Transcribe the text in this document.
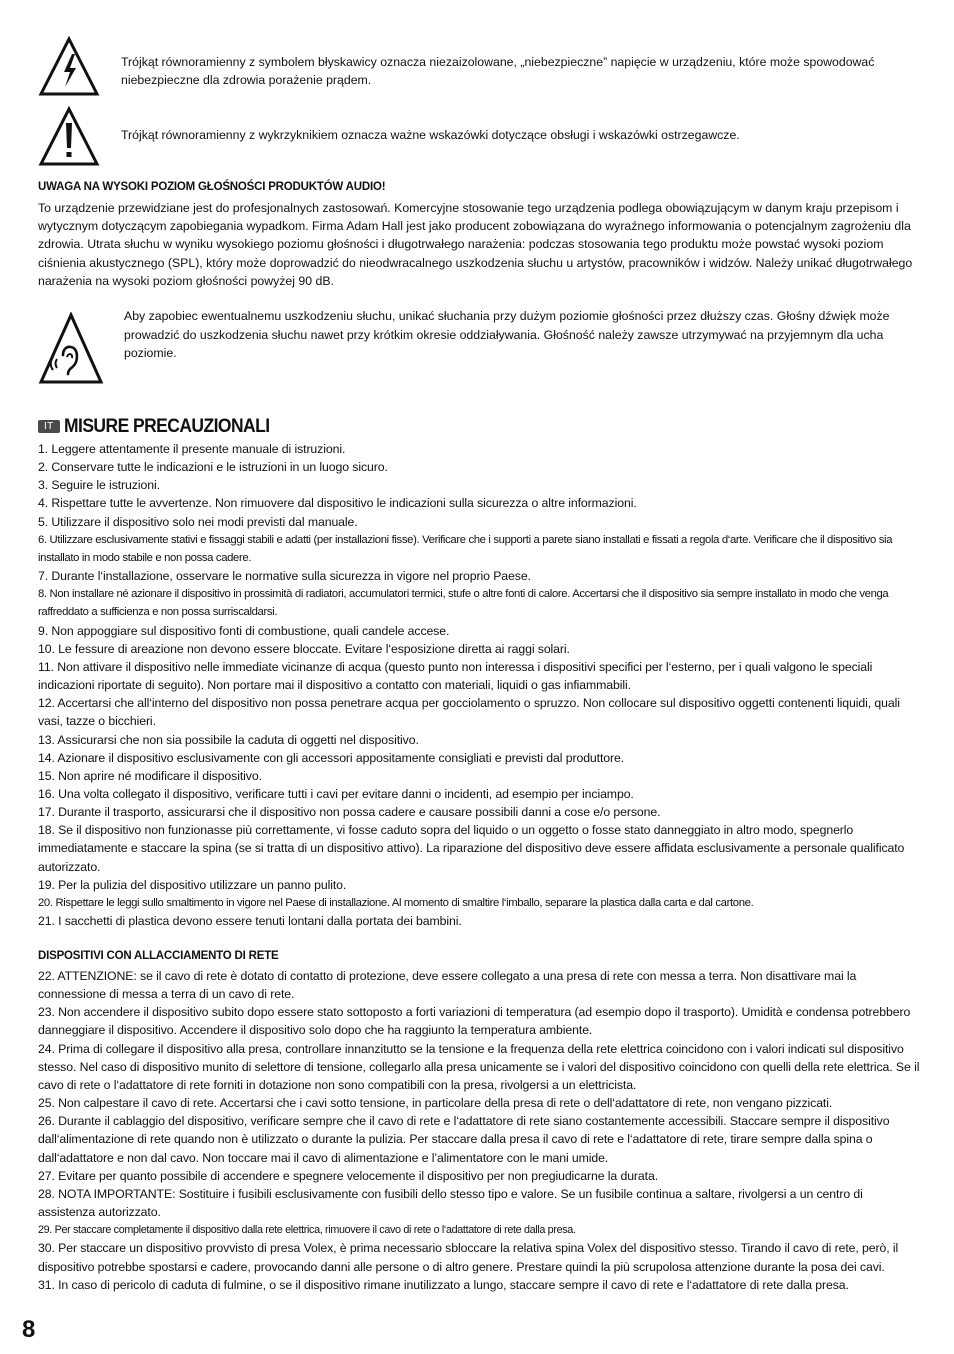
Trójkąt równoramienny z symbolem błyskawicy oznacza niezaizolowane, „niebezpieczne” napięcie w urządzeniu, które może spowodować niebezpieczne dla zdrowia porażenie prądem.
Trójkąt równoramienny z wykrzyknikiem oznacza ważne wskazówki dotyczące obsługi i wskazówki ostrzegawcze.
UWAGA NA WYSOKI POZIOM GŁOŚNOŚCI PRODUKTÓW AUDIO!
To urządzenie przewidziane jest do profesjonalnych zastosowań. Komercyjne stosowanie tego urządzenia podlega obowiązującym w danym kraju przepisom i wytycznym dotyczącym zapobiegania wypadkom. Firma Adam Hall jest jako producent zobowiązana do wyraźnego informowania o potencjalnym zagrożeniu dla zdrowia. Utrata słuchu w wyniku wysokiego poziomu głośności i długotrwałego narażenia: podczas stosowania tego produktu może powstać wysoki poziom ciśnienia akustycznego (SPL), który może doprowadzić do nieodwracalnego uszkodzenia słuchu u artystów, pracowników i widzów. Należy unikać długotrwałego narażenia na wysoki poziom głośności powyżej 90 dB.
Aby zapobiec ewentualnemu uszkodzeniu słuchu, unikać słuchania przy dużym poziomie głośności przez dłuższy czas. Głośny dźwięk może prowadzić do uszkodzenia słuchu nawet przy krótkim okresie oddziaływania. Głośność należy zawsze utrzymywać na przyjemnym dla ucha poziomie.
IT MISURE PRECAUZIONALI
1. Leggere attentamente il presente manuale di istruzioni.
2. Conservare tutte le indicazioni e le istruzioni in un luogo sicuro.
3. Seguire le istruzioni.
4. Rispettare tutte le avvertenze. Non rimuovere dal dispositivo le indicazioni sulla sicurezza o altre informazioni.
5. Utilizzare il dispositivo solo nei modi previsti dal manuale.
6. Utilizzare esclusivamente stativi e fissaggi stabili e adatti (per installazioni fisse). Verificare che i supporti a parete siano installati e fissati a regola d‘arte. Verificare che il dispositivo sia installato in modo stabile e non possa cadere.
7. Durante l‘installazione, osservare le normative sulla sicurezza in vigore nel proprio Paese.
8. Non installare né azionare il dispositivo in prossimità di radiatori, accumulatori termici, stufe o altre fonti di calore. Accertarsi che il dispositivo sia sempre installato in modo che venga raffreddato a sufficienza e non possa surriscaldarsi.
9. Non appoggiare sul dispositivo fonti di combustione, quali candele accese.
10. Le fessure di areazione non devono essere bloccate. Evitare l‘esposizione diretta ai raggi solari.
11. Non attivare il dispositivo nelle immediate vicinanze di acqua (questo punto non interessa i dispositivi specifici per l‘esterno, per i quali valgono le speciali indicazioni riportate di seguito). Non portare mai il dispositivo a contatto con materiali, liquidi o gas infiammabili.
12. Accertarsi che all‘interno del dispositivo non possa penetrare acqua per gocciolamento o spruzzo. Non collocare sul dispositivo oggetti contenenti liquidi, quali vasi, tazze o bicchieri.
13. Assicurarsi che non sia possibile la caduta di oggetti nel dispositivo.
14. Azionare il dispositivo esclusivamente con gli accessori appositamente consigliati e previsti dal produttore.
15. Non aprire né modificare il dispositivo.
16. Una volta collegato il dispositivo, verificare tutti i cavi per evitare danni o incidenti, ad esempio per inciampo.
17. Durante il trasporto, assicurarsi che il dispositivo non possa cadere e causare possibili danni a cose e/o persone.
18. Se il dispositivo non funzionasse più correttamente, vi fosse caduto sopra del liquido o un oggetto o fosse stato danneggiato in altro modo, spegnerlo immediatamente e staccare la spina (se si tratta di un dispositivo attivo). La riparazione del dispositivo deve essere affidata esclusivamente a personale qualificato autorizzato.
19. Per la pulizia del dispositivo utilizzare un panno pulito.
20. Rispettare le leggi sullo smaltimento in vigore nel Paese di installazione. Al momento di smaltire l‘imballo, separare la plastica dalla carta e dal cartone.
21. I sacchetti di plastica devono essere tenuti lontani dalla portata dei bambini.
DISPOSITIVI CON ALLACCIAMENTO DI RETE
22. ATTENZIONE: se il cavo di rete è dotato di contatto di protezione, deve essere collegato a una presa di rete con messa a terra. Non disattivare mai la connessione di messa a terra di un cavo di rete.
23. Non accendere il dispositivo subito dopo essere stato sottoposto a forti variazioni di temperatura (ad esempio dopo il trasporto). Umidità e condensa potrebbero danneggiare il dispositivo. Accendere il dispositivo solo dopo che ha raggiunto la temperatura ambiente.
24. Prima di collegare il dispositivo alla presa, controllare innanzitutto se la tensione e la frequenza della rete elettrica coincidono con i valori indicati sul dispositivo stesso. Nel caso di dispositivo munito di selettore di tensione, collegarlo alla presa unicamente se i valori del dispositivo coincidono con quelli della rete elettrica. Se il cavo di rete o l‘adattatore di rete forniti in dotazione non sono compatibili con la presa, rivolgersi a un elettricista.
25. Non calpestare il cavo di rete. Accertarsi che i cavi sotto tensione, in particolare della presa di rete o dell‘adattatore di rete, non vengano pizzicati.
26. Durante il cablaggio del dispositivo, verificare sempre che il cavo di rete e l‘adattatore di rete siano costantemente accessibili. Staccare sempre il dispositivo dall‘alimentazione di rete quando non è utilizzato o durante la pulizia. Per staccare dalla presa il cavo di rete e l‘adattatore di rete, tirare sempre dalla spina o dall‘adattatore e non dal cavo. Non toccare mai il cavo di alimentazione e l’alimentatore con le mani umide.
27. Evitare per quanto possibile di accendere e spegnere velocemente il dispositivo per non pregiudicarne la durata.
28. NOTA IMPORTANTE: Sostituire i fusibili esclusivamente con fusibili dello stesso tipo e valore. Se un fusibile continua a saltare, rivolgersi a un centro di assistenza autorizzato.
29. Per staccare completamente il dispositivo dalla rete elettrica, rimuovere il cavo di rete o l‘adattatore di rete dalla presa.
30. Per staccare un dispositivo provvisto di presa Volex, è prima necessario sbloccare la relativa spina Volex del dispositivo stesso. Tirando il cavo di rete, però, il dispositivo potrebbe spostarsi e cadere, provocando danni alle persone o di altro genere. Prestare quindi la più scrupolosa attenzione durante la posa dei cavi.
31. In caso di pericolo di caduta di fulmine, o se il dispositivo rimane inutilizzato a lungo, staccare sempre il cavo di rete e l‘adattatore di rete dalla presa.
8
